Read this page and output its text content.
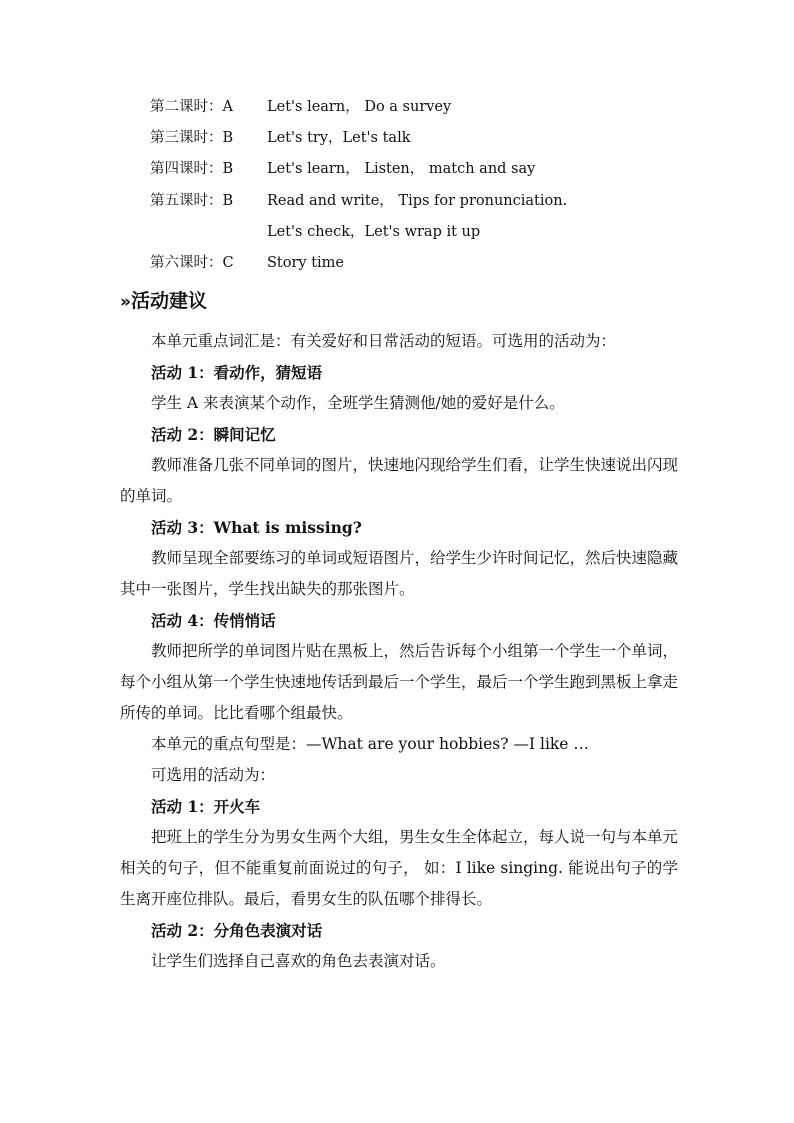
第二课时：A Let's learn， Do a survey
第三课时：B Let's try，Let's talk
第四课时：B Let's learn， Listen， match and say
第五课时：B Read and write， Tips for pronunciation.
Let's check，Let's wrap it up
第六课时：C Story time
›› 活动建议

本单元重点词汇是：有关爱好和日常活动的短语。可选用的活动为：

活动 1：看动作，猜短语

学生 A 来表演某个动作，全班学生猜测他/她的爱好是什么。

活动 2：瞬间记忆

教师准备几张不同单词的图片，快速地闪现给学生们看，让学生快速说出闪现的单词。

活动 3：What is missing?

教师呈现全部要练习的单词或短语图片，给学生少许时间记忆，然后快速隐藏其中一张图片，学生找出缺失的那张图片。

活动 4：传悄悄话

教师把所学的单词图片贴在黑板上，然后告诉每个小组第一个学生一个单词，每个小组从第一个学生快速地传话到最后一个学生，最后一个学生跑到黑板上拿走所传的单词。比比看哪个组最快。

本单元的重点句型是：—What are your hobbies? —I like …

可选用的活动为：

活动 1：开火车

把班上的学生分为男女生两个大组，男生女生全体起立，每人说一句与本单元相关的句子，但不能重复前面说过的句子， 如：I like singing. 能说出句子的学生离开座位排队。最后，看男女生的队伍哪个排得长。

活动 2：分角色表演对话

让学生们选择自己喜欢的角色去表演对话。
